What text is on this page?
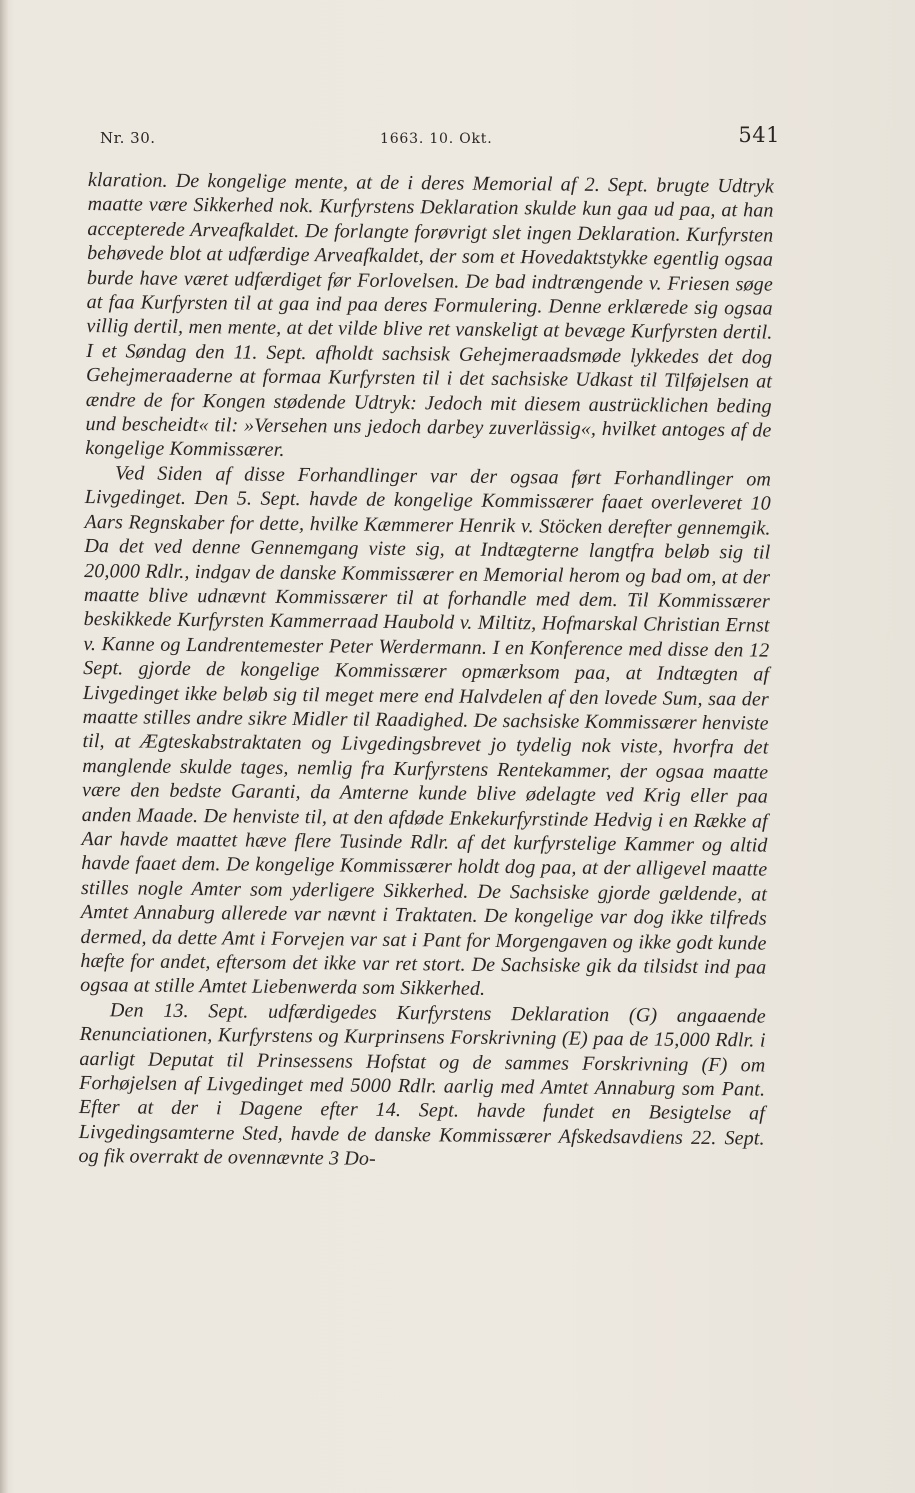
Nr. 30.	1663. 10. Okt.	541

klaration. De kongelige mente, at de i deres Memorial af 2. Sept. brugte Udtryk maatte være Sikkerhed nok. Kurfyrstens Deklaration skulde kun gaa ud paa, at han accepterede Arveafkaldet. De forlangte forøvrigt slet ingen Deklaration. Kurfyrsten behøvede blot at udfærdige Arveafkaldet, der som et Hovedaktstykke egentlig ogsaa burde have været udfærdiget før Forlovelsen. De bad indtrængende v. Friesen søge at faa Kurfyrsten til at gaa ind paa deres Formulering. Denne erklærede sig ogsaa villig dertil, men mente, at det vilde blive ret vanskeligt at bevæge Kurfyrsten dertil. I et Søndag den 11. Sept. afholdt sachsisk Gehejmeraadsmøde lykkedes det dog Gehejmeraaderne at formaa Kurfyrsten til i det sachsiske Udkast til Tilføjelsen at ændre de for Kongen stødende Udtryk: Jedoch mit diesem austrücklichen beding und bescheidt« til: »Versehen uns jedoch darbey zuverlässig«, hvilket antoges af de kongelige Kommissærer.

Ved Siden af disse Forhandlinger var der ogsaa ført Forhandlinger om Livgedinget. Den 5. Sept. havde de kongelige Kommissærer faaet overleveret 10 Aars Regnskaber for dette, hvilke Kæmmerer Henrik v. Stöcken derefter gennemgik. Da det ved denne Gennemgang viste sig, at Indtægterne langtfra beløb sig til 20,000 Rdlr., indgav de danske Kommissærer en Memorial herom og bad om, at der maatte blive udnævnt Kommissærer til at forhandle med dem. Til Kommissærer beskikkede Kurfyrsten Kammerraad Haubold v. Miltitz, Hofmarskal Christian Ernst v. Kanne og Landrentemester Peter Werdermann. I en Konference med disse den 12 Sept. gjorde de kongelige Kommissærer opmærksom paa, at Indtægten af Livgedinget ikke beløb sig til meget mere end Halvdelen af den lovede Sum, saa der maatte stilles andre sikre Midler til Raadighed. De sachsiske Kommissærer henviste til, at Ægteskabstraktaten og Livgedingsbrevet jo tydelig nok viste, hvorfra det manglende skulde tages, nemlig fra Kurfyrstens Rentekammer, der ogsaa maatte være den bedste Garanti, da Amterne kunde blive ødelagte ved Krig eller paa anden Maade. De henviste til, at den afdøde Enkekurfyrstinde Hedvig i en Række af Aar havde maattet hæve flere Tusinde Rdlr. af det kurfyrstelige Kammer og altid havde faaet dem. De kongelige Kommissærer holdt dog paa, at der alligevel maatte stilles nogle Amter som yderligere Sikkerhed. De Sachsiske gjorde gældende, at Amtet Annaburg allerede var nævnt i Traktaten. De kongelige var dog ikke tilfreds dermed, da dette Amt i Forvejen var sat i Pant for Morgengaven og ikke godt kunde hæfte for andet, eftersom det ikke var ret stort. De Sachsiske gik da tilsidst ind paa ogsaa at stille Amtet Liebenwerda som Sikkerhed.

Den 13. Sept. udfærdigedes Kurfyrstens Deklaration (G) angaaende Renunciationen, Kurfyrstens og Kurprinsens Forskrivning (E) paa de 15,000 Rdlr. i aarligt Deputat til Prinsessens Hofstat og de sammes Forskrivning (F) om Forhøjelsen af Livgedinget med 5000 Rdlr. aarlig med Amtet Annaburg som Pant. Efter at der i Dagene efter 14. Sept. havde fundet en Besigtelse af Livgedingsamterne Sted, havde de danske Kommissærer Afskedsavdiens 22. Sept. og fik overrakt de ovennævnte 3 Do-
